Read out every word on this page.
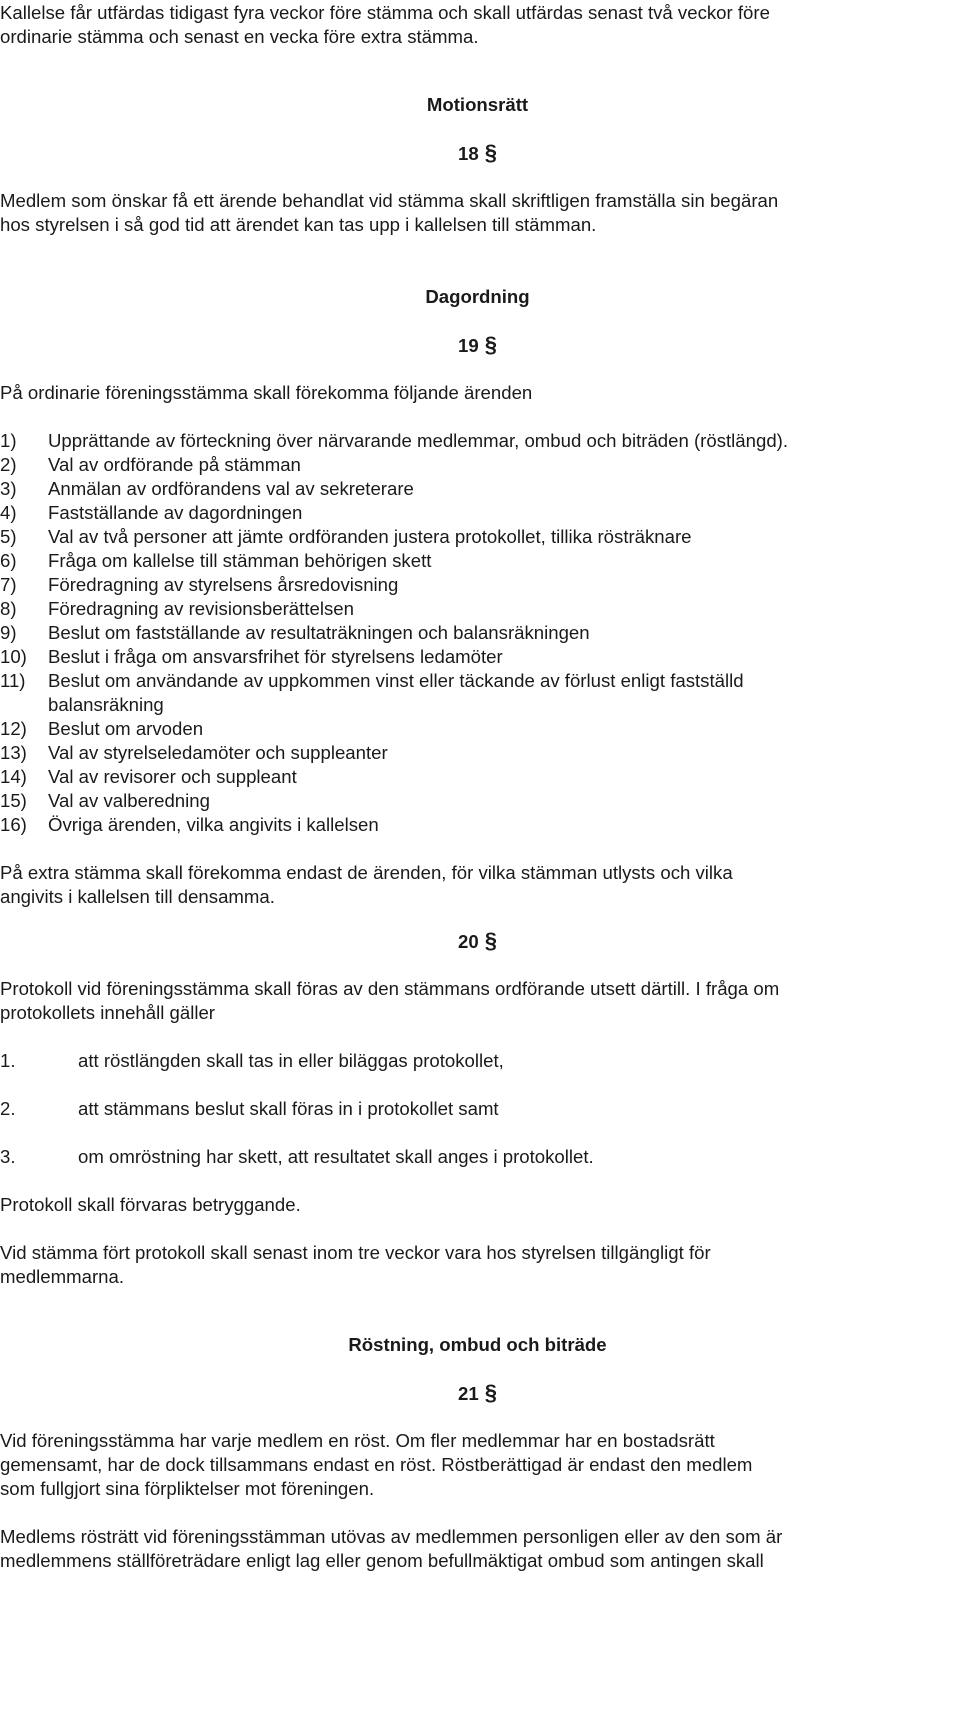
Kallelse får utfärdas tidigast fyra veckor före stämma och skall utfärdas senast två veckor före
ordinarie stämma och senast en vecka före extra stämma.
Motionsrätt
18 §
Medlem som önskar få ett ärende behandlat vid stämma skall skriftligen framställa sin begäran
hos styrelsen i så god tid att ärendet kan tas upp i kallelsen till stämman.
Dagordning
19 §
På ordinarie föreningsstämma skall förekomma följande ärenden
1) Upprättande av förteckning över närvarande medlemmar, ombud och biträden (röstlängd).
2) Val av ordförande på stämman
3) Anmälan av ordförandens val av sekreterare
4) Fastställande av dagordningen
5) Val av två personer att jämte ordföranden justera protokollet, tillika rösträknare
6) Fråga om kallelse till stämman behörigen skett
7) Föredragning av styrelsens årsredovisning
8) Föredragning av revisionsberättelsen
9) Beslut om fastställande av resultaträkningen och balansräkningen
10) Beslut i fråga om ansvarsfrihet för styrelsens ledamöter
11) Beslut om användande av uppkommen vinst eller täckande av förlust enligt fastställd
balansräkning
12) Beslut om arvoden
13) Val av styrelseledamöter och suppleanter
14) Val av revisorer och suppleant
15) Val av valberedning
16) Övriga ärenden, vilka angivits i kallelsen
På extra stämma skall förekomma endast de ärenden, för vilka stämman utlysts och vilka
angivits i kallelsen till densamma.
20 §
Protokoll vid föreningsstämma skall föras av den stämmans ordförande utsett därtill. I fråga om
protokollets innehåll gäller
1.	att röstlängden skall tas in eller biläggas protokollet,
2.	att stämmans beslut skall föras in i protokollet samt
3.	om omröstning har skett, att resultatet skall anges i protokollet.
Protokoll skall förvaras betryggande.
Vid stämma fört protokoll skall senast inom tre veckor vara hos styrelsen tillgängligt för
medlemmarna.
Röstning, ombud och biträde
21 §
Vid föreningsstämma har varje medlem en röst. Om fler medlemmar har en bostadsrätt
gemensamt, har de dock tillsammans endast en röst. Röstberättigad är endast den medlem
som fullgjort sina förpliktelser mot föreningen.
Medlems rösträtt vid föreningsstämman utövas av medlemmen personligen eller av den som är
medlemmens ställföreträdare enligt lag eller genom befullmäktigat ombud som antingen skall
